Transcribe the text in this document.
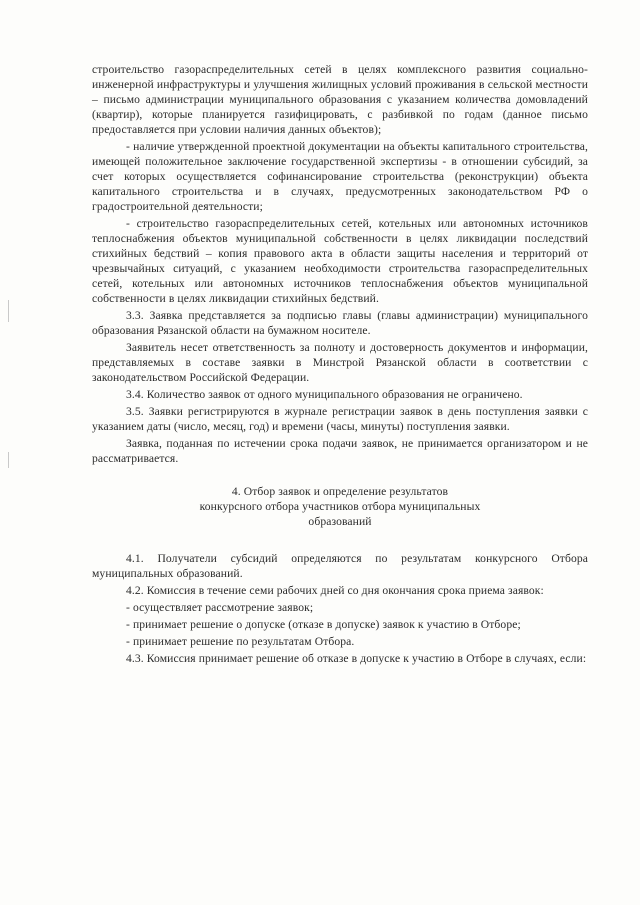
строительство газораспределительных сетей в целях комплексного развития социально-инженерной инфраструктуры и улучшения жилищных условий проживания в сельской местности – письмо администрации муниципального образования с указанием количества домовладений (квартир), которые планируется газифицировать, с разбивкой по годам (данное письмо предоставляется при условии наличия данных объектов);

- наличие утвержденной проектной документации на объекты капитального строительства, имеющей положительное заключение государственной экспертизы - в отношении субсидий, за счет которых осуществляется софинансирование строительства (реконструкции) объекта капитального строительства и в случаях, предусмотренных законодательством РФ о градостроительной деятельности;

- строительство газораспределительных сетей, котельных или автономных источников теплоснабжения объектов муниципальной собственности в целях ликвидации последствий стихийных бедствий – копия правового акта в области защиты населения и территорий от чрезвычайных ситуаций, с указанием необходимости строительства газораспределительных сетей, котельных или автономных источников теплоснабжения объектов муниципальной собственности в целях ликвидации стихийных бедствий.

3.3. Заявка представляется за подписью главы (главы администрации) муниципального образования Рязанской области на бумажном носителе.

Заявитель несет ответственность за полноту и достоверность документов и информации, представляемых в составе заявки в Минстрой Рязанской области в соответствии с законодательством Российской Федерации.

3.4. Количество заявок от одного муниципального образования не ограничено.

3.5. Заявки регистрируются в журнале регистрации заявок в день поступления заявки с указанием даты (число, месяц, год) и времени (часы, минуты) поступления заявки.

Заявка, поданная по истечении срока подачи заявок, не принимается организатором и не рассматривается.

4. Отбор заявок и определение результатов
конкурсного отбора участников отбора муниципальных
образований

4.1. Получатели субсидий определяются по результатам конкурсного Отбора муниципальных образований.

4.2. Комиссия в течение семи рабочих дней со дня окончания срока приема заявок:

- осуществляет рассмотрение заявок;

- принимает решение о допуске (отказе в допуске) заявок к участию в Отборе;

- принимает решение по результатам Отбора.

4.3. Комиссия принимает решение об отказе в допуске к участию в Отборе в случаях, если:
